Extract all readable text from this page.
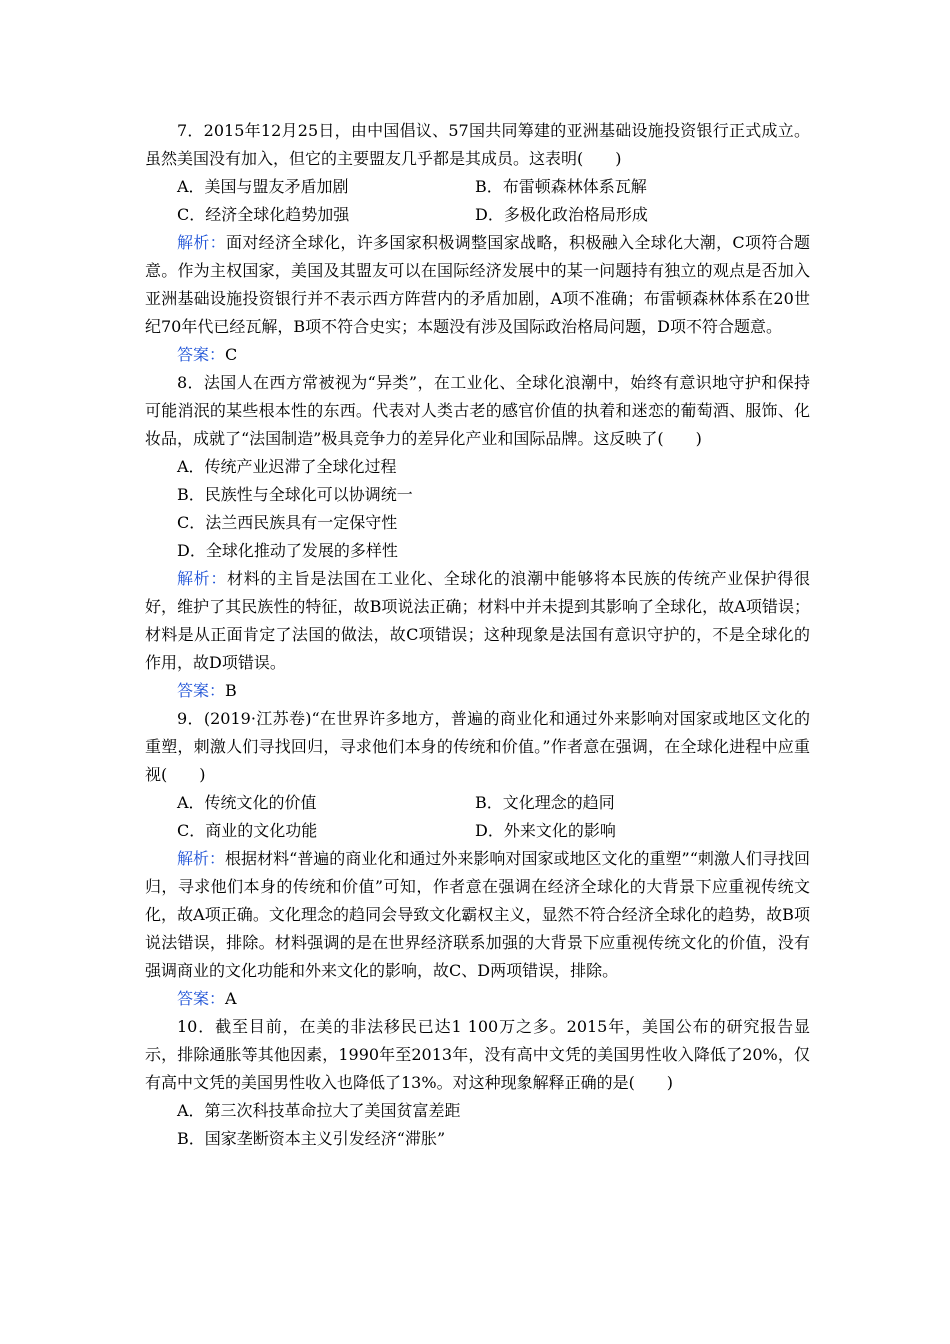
7．2015年12月25日，由中国倡议、57国共同筹建的亚洲基础设施投资银行正式成立。虽然美国没有加入，但它的主要盟友几乎都是其成员。这表明(　　)

A．美国与盟友矛盾加剧	B．布雷顿森林体系瓦解
C．经济全球化趋势加强	D．多极化政治格局形成

解析：面对经济全球化，许多国家积极调整国家战略，积极融入全球化大潮，C项符合题意。作为主权国家，美国及其盟友可以在国际经济发展中的某一问题持有独立的观点是否加入亚洲基础设施投资银行并不表示西方阵营内的矛盾加剧，A项不准确；布雷顿森林体系在20世纪70年代已经瓦解，B项不符合史实；本题没有涉及国际政治格局问题，D项不符合题意。

答案：C

8．法国人在西方常被视为“异类”，在工业化、全球化浪潮中，始终有意识地守护和保持可能消泯的某些根本性的东西。代表对人类古老的感官价值的执着和迷恋的葡萄酒、服饰、化妆品，成就了“法国制造”极具竞争力的差异化产业和国际品牌。这反映了(　　)

A．传统产业迟滞了全球化过程

B．民族性与全球化可以协调统一

C．法兰西民族具有一定保守性

D．全球化推动了发展的多样性

解析：材料的主旨是法国在工业化、全球化的浪潮中能够将本民族的传统产业保护得很好，维护了其民族性的特征，故B项说法正确；材料中并未提到其影响了全球化，故A项错误；材料是从正面肯定了法国的做法，故C项错误；这种现象是法国有意识守护的，不是全球化的作用，故D项错误。

答案：B

9．(2019·江苏卷)“在世界许多地方，普遍的商业化和通过外来影响对国家或地区文化的重塑，刺激人们寻找回归，寻求他们本身的传统和价值。”作者意在强调，在全球化进程中应重视(　　)

A．传统文化的价值	B．文化理念的趋同
C．商业的文化功能	D．外来文化的影响

解析：根据材料“普遍的商业化和通过外来影响对国家或地区文化的重塑”“刺激人们寻找回归，寻求他们本身的传统和价值”可知，作者意在强调在经济全球化的大背景下应重视传统文化，故A项正确。文化理念的趋同会导致文化霸权主义，显然不符合经济全球化的趋势，故B项说法错误，排除。材料强调的是在世界经济联系加强的大背景下应重视传统文化的价值，没有强调商业的文化功能和外来文化的影响，故C、D两项错误，排除。

答案：A

10．截至目前，在美的非法移民已达1 100万之多。2015年，美国公布的研究报告显示，排除通胀等其他因素，1990年至2013年，没有高中文凭的美国男性收入降低了20%，仅有高中文凭的美国男性收入也降低了13%。对这种现象解释正确的是(　　)

A．第三次科技革命拉大了美国贫富差距

B．国家垄断资本主义引发经济“滞胀”
